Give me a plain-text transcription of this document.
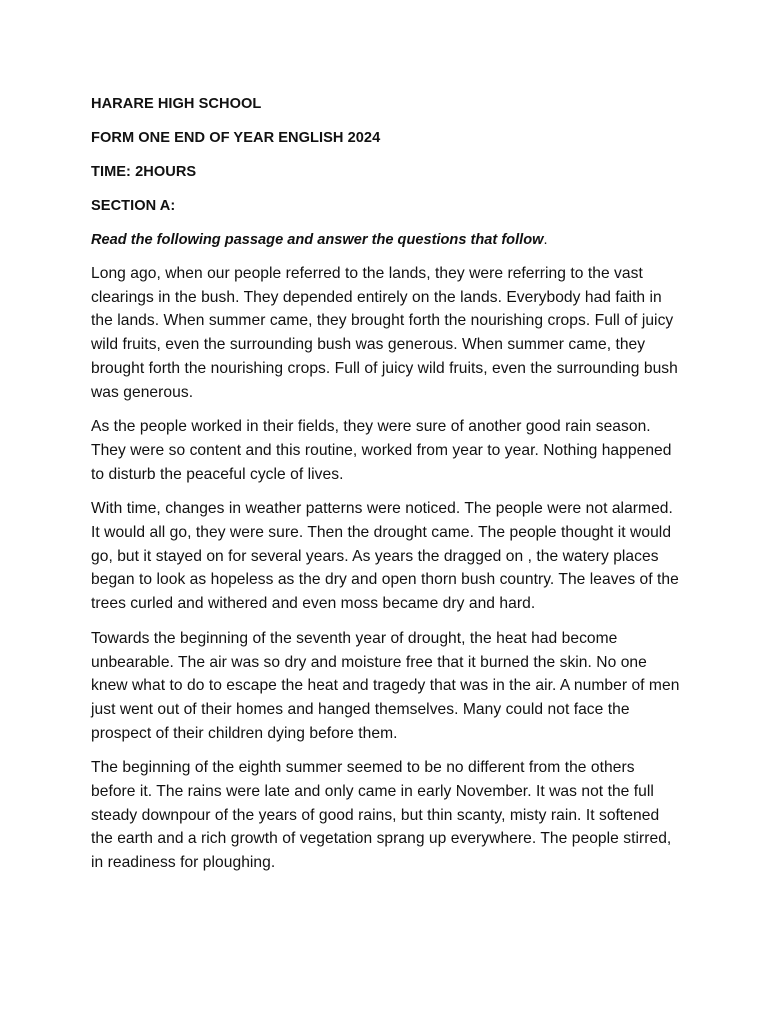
HARARE HIGH SCHOOL
FORM ONE END OF YEAR ENGLISH 2024
TIME: 2HOURS
SECTION A:
Read the following passage and answer the questions that follow.

Long ago, when our people referred to the lands, they were referring to the vast clearings in the bush. They depended entirely on the lands. Everybody had faith in the lands. When summer came, they brought forth the nourishing crops. Full of juicy wild fruits, even the surrounding bush was generous. When summer came, they brought forth the nourishing crops. Full of juicy wild fruits, even the surrounding bush was generous.

As the people worked in their fields, they were sure of another good rain season. They were so content and this routine, worked from year to year. Nothing happened to disturb the peaceful cycle of lives.

With time, changes in weather patterns were noticed. The people were not alarmed. It would all go, they were sure. Then the drought came. The people thought it would go, but it stayed on for several years. As years the dragged on , the watery places began to look as hopeless as the dry and open thorn bush country. The leaves of the trees curled and withered and even moss became dry and hard.

Towards the beginning of the seventh year of drought, the heat had become unbearable. The air was so dry and moisture free that it burned the skin. No one knew what to do to escape the heat and tragedy that was in the air. A number of men just went out of their homes and hanged themselves. Many could not face the prospect of their children dying before them.

The beginning of the eighth summer seemed to be no different from the others before it. The rains were late and only came in early November. It was not the full steady downpour of the years of good rains, but thin scanty, misty rain. It softened the earth and a rich growth of vegetation sprang up everywhere. The people stirred, in readiness for ploughing.
